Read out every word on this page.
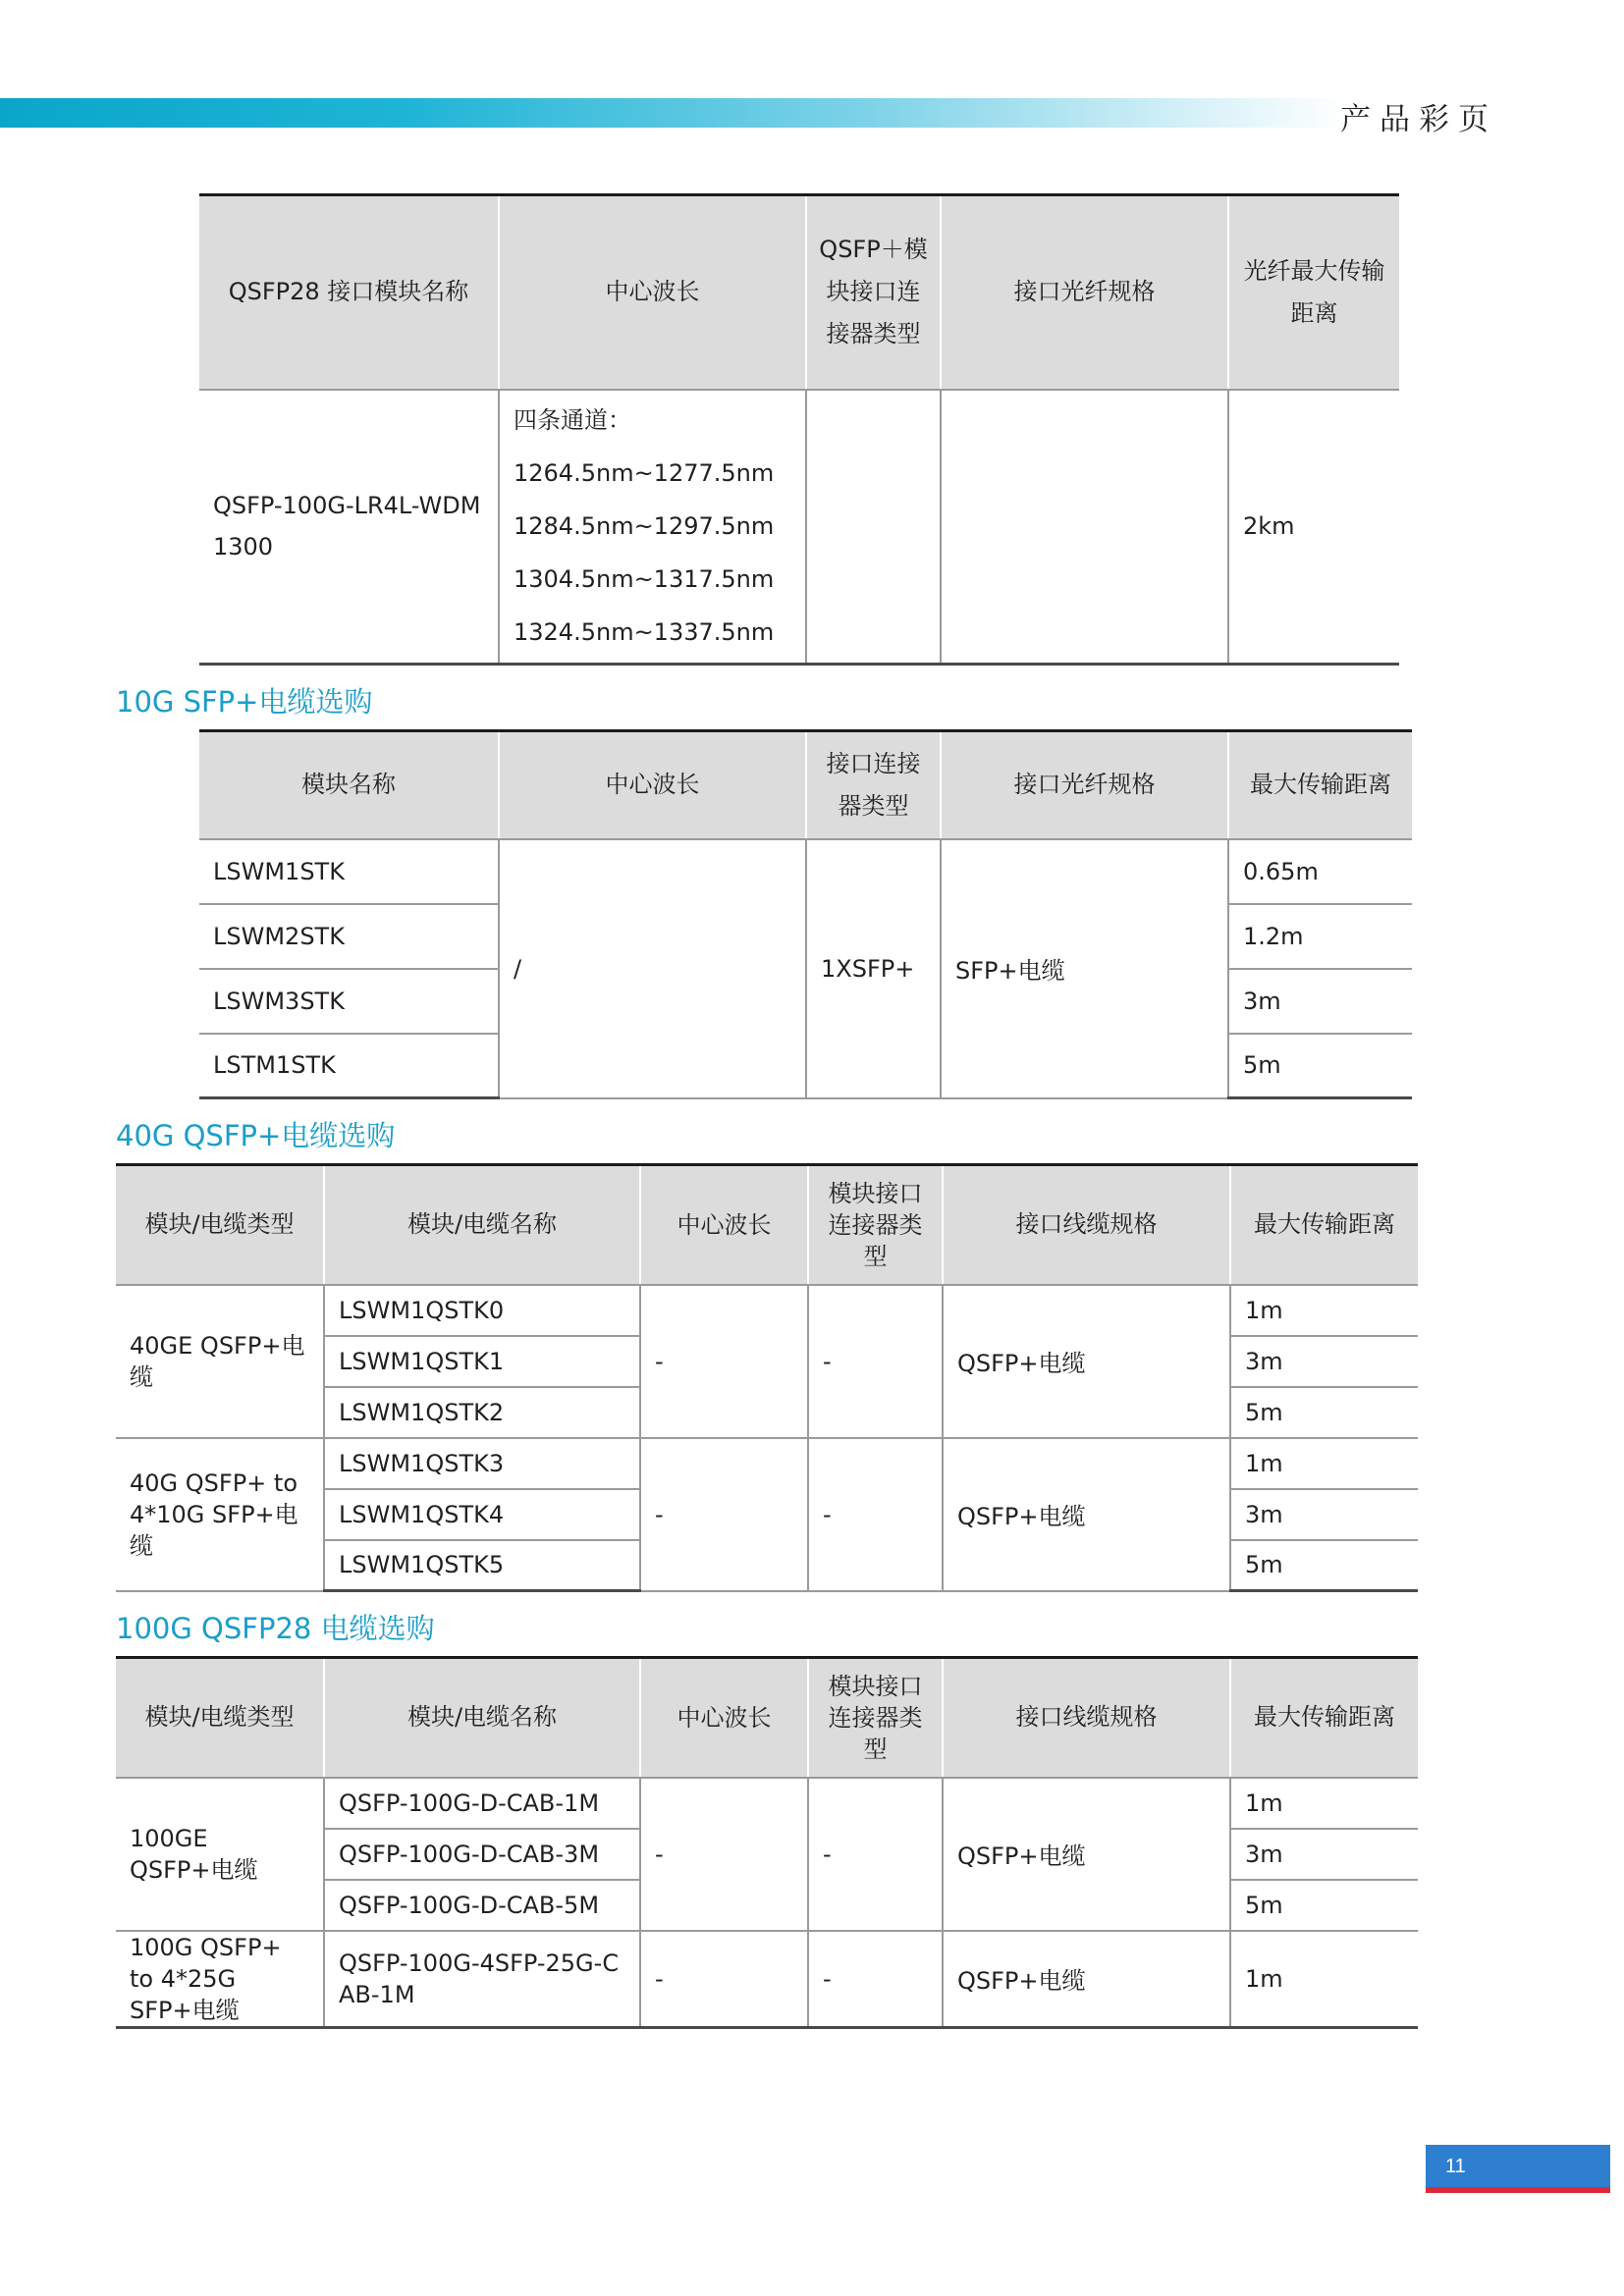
产品彩页
QSFP28 接口模块名称	中心波长	QSFP＋模块接口连接器类型	接口光纤规格	光纤最大传输距离
QSFP-100G-LR4L-WDM1300	四条通道：
1264.5nm~1277.5nm
1284.5nm~1297.5nm
1304.5nm~1317.5nm
1324.5nm~1337.5nm			2km
10G SFP+电缆选购
模块名称	中心波长	接口连接器类型	接口光纤规格	最大传输距离
LSWM1STK	/	1XSFP+	SFP+电缆	0.65m
LSWM2STK				1.2m
LSWM3STK				3m
LSTM1STK				5m
40G QSFP+电缆选购
模块/电缆类型	模块/电缆名称	中心波长	模块接口连接器类型	接口线缆规格	最大传输距离
40GE QSFP+电缆	LSWM1QSTK0	-	-	QSFP+电缆	1m
	LSWM1QSTK1				3m
	LSWM1QSTK2				5m
40G QSFP+ to 4*10G SFP+电缆	LSWM1QSTK3	-	-	QSFP+电缆	1m
	LSWM1QSTK4				3m
	LSWM1QSTK5				5m
100G QSFP28 电缆选购
模块/电缆类型	模块/电缆名称	中心波长	模块接口连接器类型	接口线缆规格	最大传输距离
100GE QSFP+电缆	QSFP-100G-D-CAB-1M	-	-	QSFP+电缆	1m
	QSFP-100G-D-CAB-3M				3m
	QSFP-100G-D-CAB-5M				5m
100G QSFP+ to 4*25G SFP+电缆	QSFP-100G-4SFP-25G-CAB-1M	-	-	QSFP+电缆	1m
11
